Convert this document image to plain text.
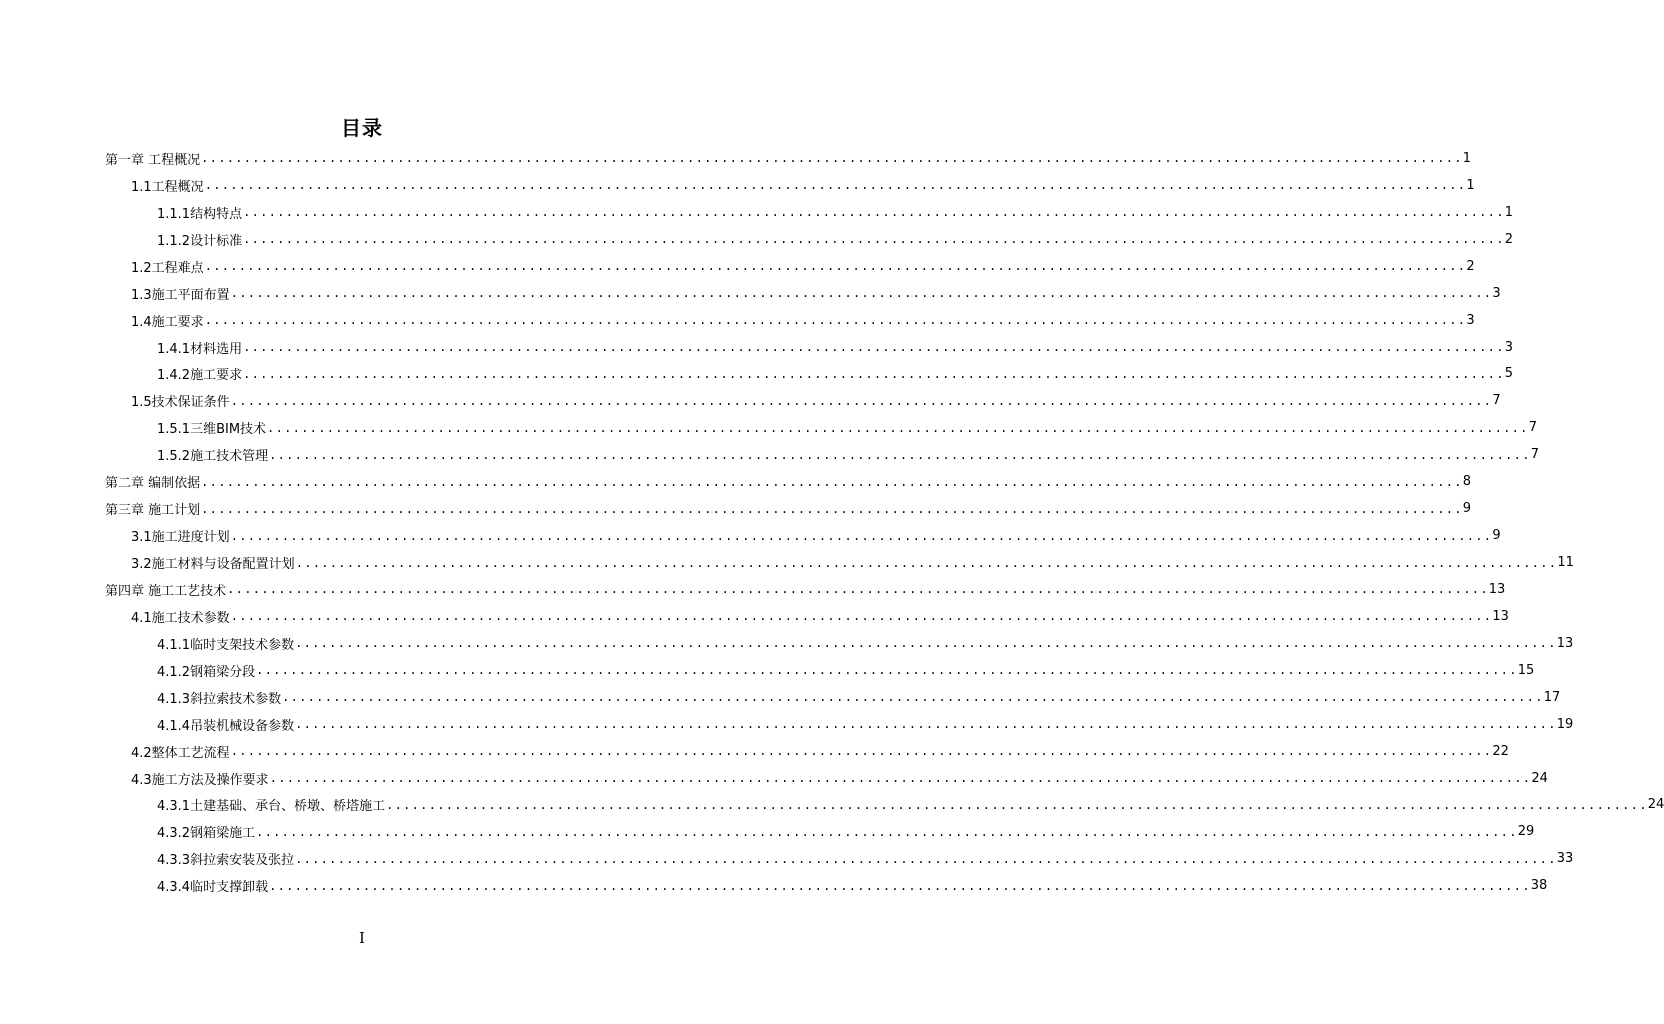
目录
第一章 工程概况 .................................................................................................................................................... 1
1.1工程概况 .................................................................................................................................................... 1
1.1.1结构特点 .................................................................................................................................................... 1
1.1.2设计标准 .................................................................................................................................................... 2
1.2工程难点 .................................................................................................................................................... 2
1.3施工平面布置 .................................................................................................................................................... 3
1.4施工要求 .................................................................................................................................................... 3
1.4.1材料选用 .................................................................................................................................................... 3
1.4.2施工要求 .................................................................................................................................................... 5
1.5技术保证条件 .................................................................................................................................................... 7
1.5.1三维BIM技术 .................................................................................................................................................... 7
1.5.2施工技术管理 .................................................................................................................................................... 7
第二章 编制依据 .................................................................................................................................................... 8
第三章 施工计划 .................................................................................................................................................... 9
3.1施工进度计划 .................................................................................................................................................... 9
3.2施工材料与设备配置计划 .................................................................................................................................................... 11
第四章 施工工艺技术 .................................................................................................................................................... 13
4.1施工技术参数 .................................................................................................................................................... 13
4.1.1临时支架技术参数 .................................................................................................................................................... 13
4.1.2钢箱梁分段 .................................................................................................................................................... 15
4.1.3斜拉索技术参数 .................................................................................................................................................... 17
4.1.4吊装机械设备参数 .................................................................................................................................................... 19
4.2整体工艺流程 .................................................................................................................................................... 22
4.3施工方法及操作要求 .................................................................................................................................................... 24
4.3.1土建基础、承台、桥墩、桥塔施工 .................................................................................................................................................... 24
4.3.2钢箱梁施工 .................................................................................................................................................... 29
4.3.3斜拉索安装及张拉 .................................................................................................................................................... 33
4.3.4临时支撑卸载 .................................................................................................................................................... 38
I
